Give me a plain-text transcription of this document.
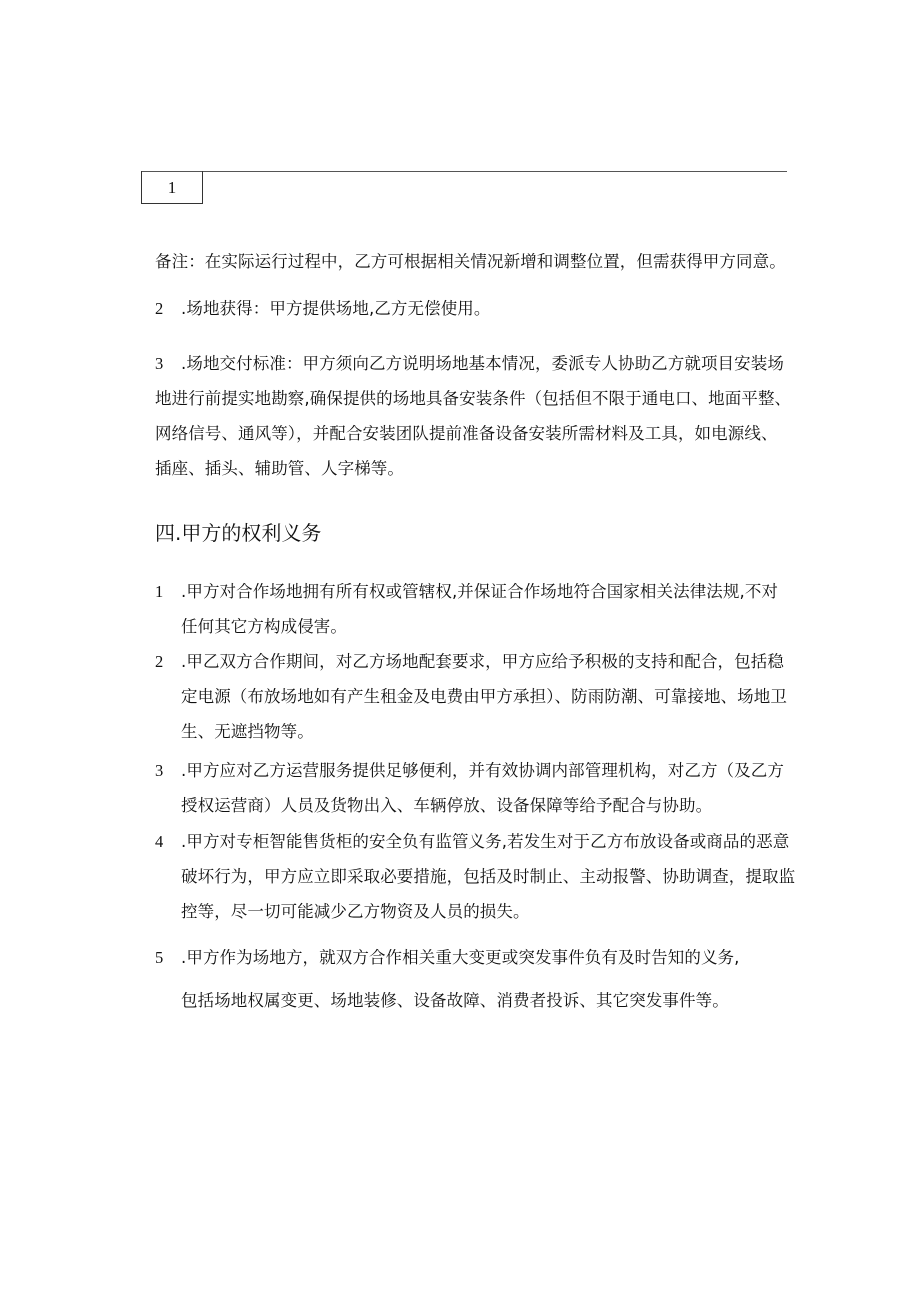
1
备注：在实际运行过程中，乙方可根据相关情况新增和调整位置，但需获得甲方同意。
2 .场地获得：甲方提供场地,乙方无偿使用。
3 .场地交付标准：甲方须向乙方说明场地基本情况，委派专人协助乙方就项目安装场
地进行前提实地勘察,确保提供的场地具备安装条件（包括但不限于通电口、地面平整、
网络信号、通风等），并配合安装团队提前准备设备安装所需材料及工具，如电源线、
插座、插头、辅助管、人字梯等。
四.甲方的权利义务
1 .甲方对合作场地拥有所有权或管辖权,并保证合作场地符合国家相关法律法规,不对
任何其它方构成侵害。
2 .甲乙双方合作期间，对乙方场地配套要求，甲方应给予积极的支持和配合，包括稳
定电源（布放场地如有产生租金及电费由甲方承担）、防雨防潮、可靠接地、场地卫
生、无遮挡物等。
3 .甲方应对乙方运营服务提供足够便利，并有效协调内部管理机构，对乙方（及乙方
授权运营商）人员及货物出入、车辆停放、设备保障等给予配合与协助。
4 .甲方对专柜智能售货柜的安全负有监管义务,若发生对于乙方布放设备或商品的恶意
破坏行为，甲方应立即采取必要措施，包括及时制止、主动报警、协助调查，提取监
控等，尽一切可能减少乙方物资及人员的损失。
5 .甲方作为场地方，就双方合作相关重大变更或突发事件负有及时告知的义务,
包括场地权属变更、场地装修、设备故障、消费者投诉、其它突发事件等。
